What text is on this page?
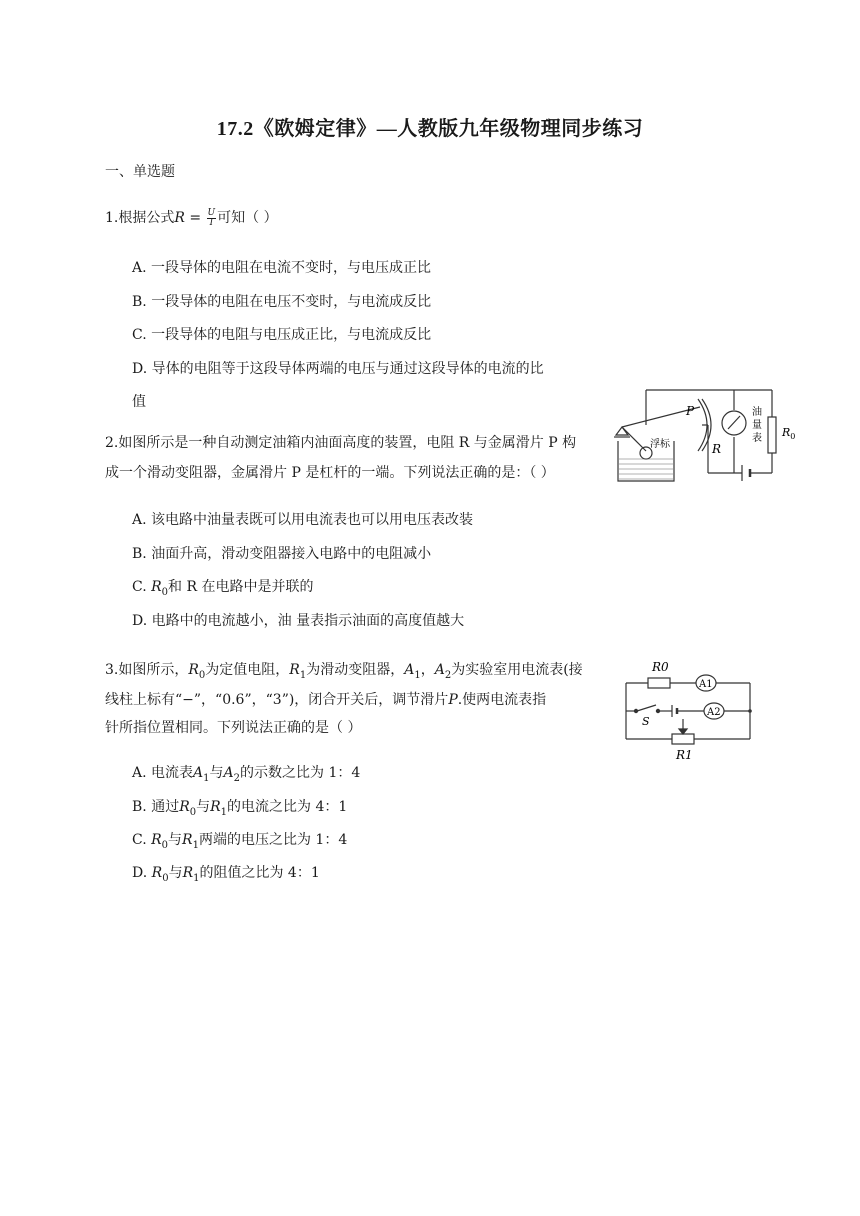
17.2《欧姆定律》—人教版九年级物理同步练习
一、单选题
1.根据公式$R = \frac{U}{I}$ 可知（ ）
A. 一段导体的电阻在电流不变时，与电压成正比
B. 一段导体的电阻在电压不变时，与电流成反比
C. 一段导体的电阻与电压成正比，与电流成反比
D. 导体的电阻等于这段导体两端的电压与通过这段导体的电流的比
值
P
R
浮标
油
量
表 $R_0$
2.如图所示是一种自动测定油箱内油面高度的装置，电阻 R 与金属滑片 P 构
成一个滑动变阻器，金属滑片 P 是杠杆的一端。下列说法正确的是：（ ）
A. 该电路中油量表既可以用电流表也可以用电压表改装
B. 油面升高，滑动变阻器接入电路中的电阻减小
C. $R_0$和 R 在电路中是并联的
D. 电路中的电流越小，油 量表指示油面的高度值越大
R0
A1
A2
S
R1
3.如图所示，$R_0$为定值电阻，$R_1$为滑动变阻器，$A_1$，$A_2$为实验室用电流表(接
线柱上标有“−”，“0.6”，“3”)，闭合开关后，调节滑片P.使两电流表指
针所指位置相同。下列说法正确的是（ ）
A. 电流表$A_1$与$A_2$的示数之比为 1：4
B. 通过$R_0$与$R_1$的电流之比为 4：1
C. $R_0$与$R_1$两端的电压之比为 1：4
D. $R_0$与$R_1$的阻值之比为 4：1
